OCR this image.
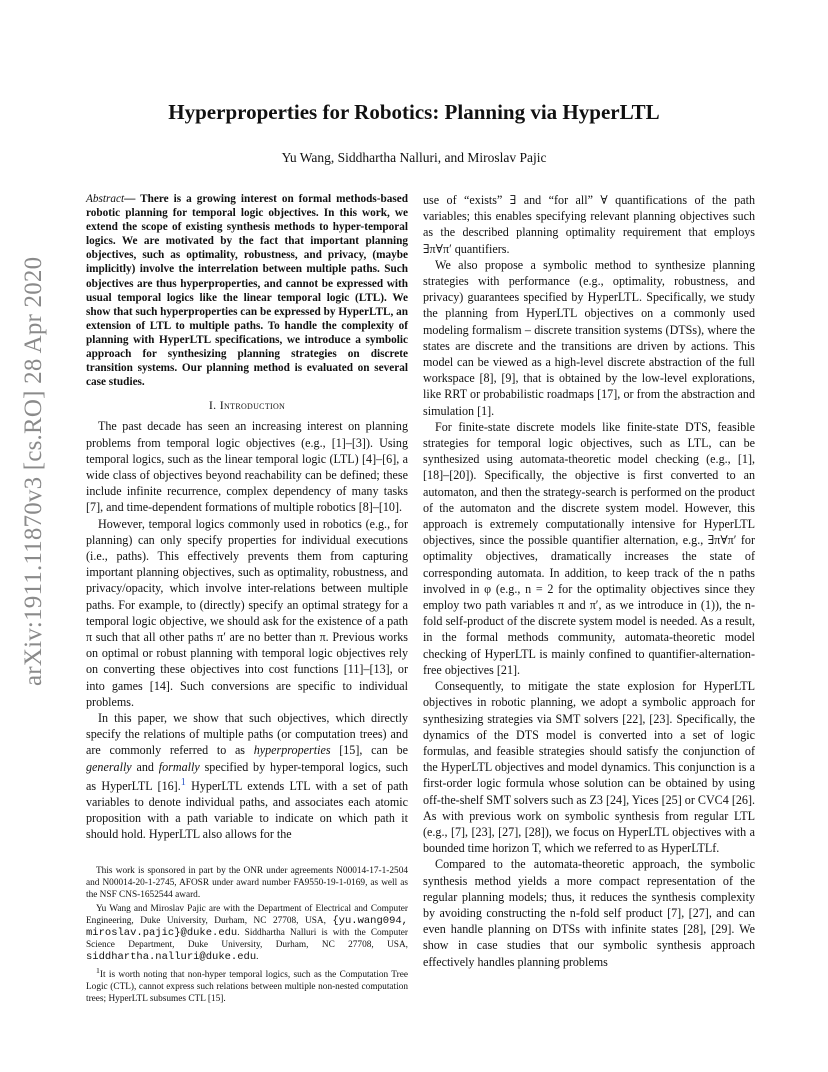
Hyperproperties for Robotics: Planning via HyperLTL
Yu Wang, Siddhartha Nalluri, and Miroslav Pajic
arXiv:1911.11870v3 [cs.RO] 28 Apr 2020

Abstract— There is a growing interest on formal methods-based robotic planning for temporal logic objectives. In this work, we extend the scope of existing synthesis methods to hyper-temporal logics. We are motivated by the fact that important planning objectives, such as optimality, robustness, and privacy, (maybe implicitly) involve the interrelation between multiple paths. Such objectives are thus hyperproperties, and cannot be expressed with usual temporal logics like the linear temporal logic (LTL). We show that such hyperproperties can be expressed by HyperLTL, an extension of LTL to multiple paths. To handle the complexity of planning with HyperLTL specifications, we introduce a symbolic approach for synthesizing planning strategies on discrete transition systems. Our planning method is evaluated on several case studies.

I. Introduction

The past decade has seen an increasing interest on planning problems from temporal logic objectives (e.g., [1]–[3]). Using temporal logics, such as the linear temporal logic (LTL) [4]–[6], a wide class of objectives beyond reachability can be defined; these include infinite recurrence, complex dependency of many tasks [7], and time-dependent formations of multiple robotics [8]–[10].

However, temporal logics commonly used in robotics (e.g., for planning) can only specify properties for individual executions (i.e., paths). This effectively prevents them from capturing important planning objectives, such as optimality, robustness, and privacy/opacity, which involve inter-relations between multiple paths. For example, to (directly) specify an optimal strategy for a temporal logic objective, we should ask for the existence of a path π such that all other paths π′ are no better than π. Previous works on optimal or robust planning with temporal logic objectives rely on converting these objectives into cost functions [11]–[13], or into games [14]. Such conversions are specific to individual problems.

In this paper, we show that such objectives, which directly specify the relations of multiple paths (or computation trees) and are commonly referred to as hyperproperties [15], can be generally and formally specified by hyper-temporal logics, such as HyperLTL [16].$^1$ HyperLTL extends LTL with a set of path variables to denote individual paths, and associates each atomic proposition with a path variable to indicate on which path it should hold. HyperLTL also allows for the

This work is sponsored in part by the ONR under agreements N00014-17-1-2504 and N00014-20-1-2745, AFOSR under award number FA9550-19-1-0169, as well as the NSF CNS-1652544 award.

Yu Wang and Miroslav Pajic are with the Department of Electrical and Computer Engineering, Duke University, Durham, NC 27708, USA, {yu.wang094, miroslav.pajic}@duke.edu. Siddhartha Nalluri is with the Computer Science Department, Duke University, Durham, NC 27708, USA, siddhartha.nalluri@duke.edu.

$^1$It is worth noting that non-hyper temporal logics, such as the Computation Tree Logic (CTL), cannot express such relations between multiple non-nested computation trees; HyperLTL subsumes CTL [15].

use of “exists” ∃ and “for all” ∀ quantifications of the path variables; this enables specifying relevant planning objectives such as the described planning optimality requirement that employs ∃π∀π′ quantifiers.

We also propose a symbolic method to synthesize planning strategies with performance (e.g., optimality, robustness, and privacy) guarantees specified by HyperLTL. Specifically, we study the planning from HyperLTL objectives on a commonly used modeling formalism – discrete transition systems (DTSs), where the states are discrete and the transitions are driven by actions. This model can be viewed as a high-level discrete abstraction of the full workspace [8], [9], that is obtained by the low-level explorations, like RRT or probabilistic roadmaps [17], or from the abstraction and simulation [1].

For finite-state discrete models like finite-state DTS, feasible strategies for temporal logic objectives, such as LTL, can be synthesized using automata-theoretic model checking (e.g., [1], [18]–[20]). Specifically, the objective is first converted to an automaton, and then the strategy-search is performed on the product of the automaton and the discrete system model. However, this approach is extremely computationally intensive for HyperLTL objectives, since the possible quantifier alternation, e.g., ∃π∀π′ for optimality objectives, dramatically increases the state of corresponding automata. In addition, to keep track of the n paths involved in φ (e.g., n = 2 for the optimality objectives since they employ two path variables π and π′, as we introduce in (1)), the n-fold self-product of the discrete system model is needed. As a result, in the formal methods community, automata-theoretic model checking of HyperLTL is mainly confined to quantifier-alternation-free objectives [21].

Consequently, to mitigate the state explosion for HyperLTL objectives in robotic planning, we adopt a symbolic approach for synthesizing strategies via SMT solvers [22], [23]. Specifically, the dynamics of the DTS model is converted into a set of logic formulas, and feasible strategies should satisfy the conjunction of the HyperLTL objectives and model dynamics. This conjunction is a first-order logic formula whose solution can be obtained by using off-the-shelf SMT solvers such as Z3 [24], Yices [25] or CVC4 [26]. As with previous work on symbolic synthesis from regular LTL (e.g., [7], [23], [27], [28]), we focus on HyperLTL objectives with a bounded time horizon T, which we referred to as HyperLTLf.

Compared to the automata-theoretic approach, the symbolic synthesis method yields a more compact representation of the regular planning models; thus, it reduces the synthesis complexity by avoiding constructing the n-fold self product [7], [27], and can even handle planning on DTSs with infinite states [28], [29]. We show in case studies that our symbolic synthesis approach effectively handles planning problems
